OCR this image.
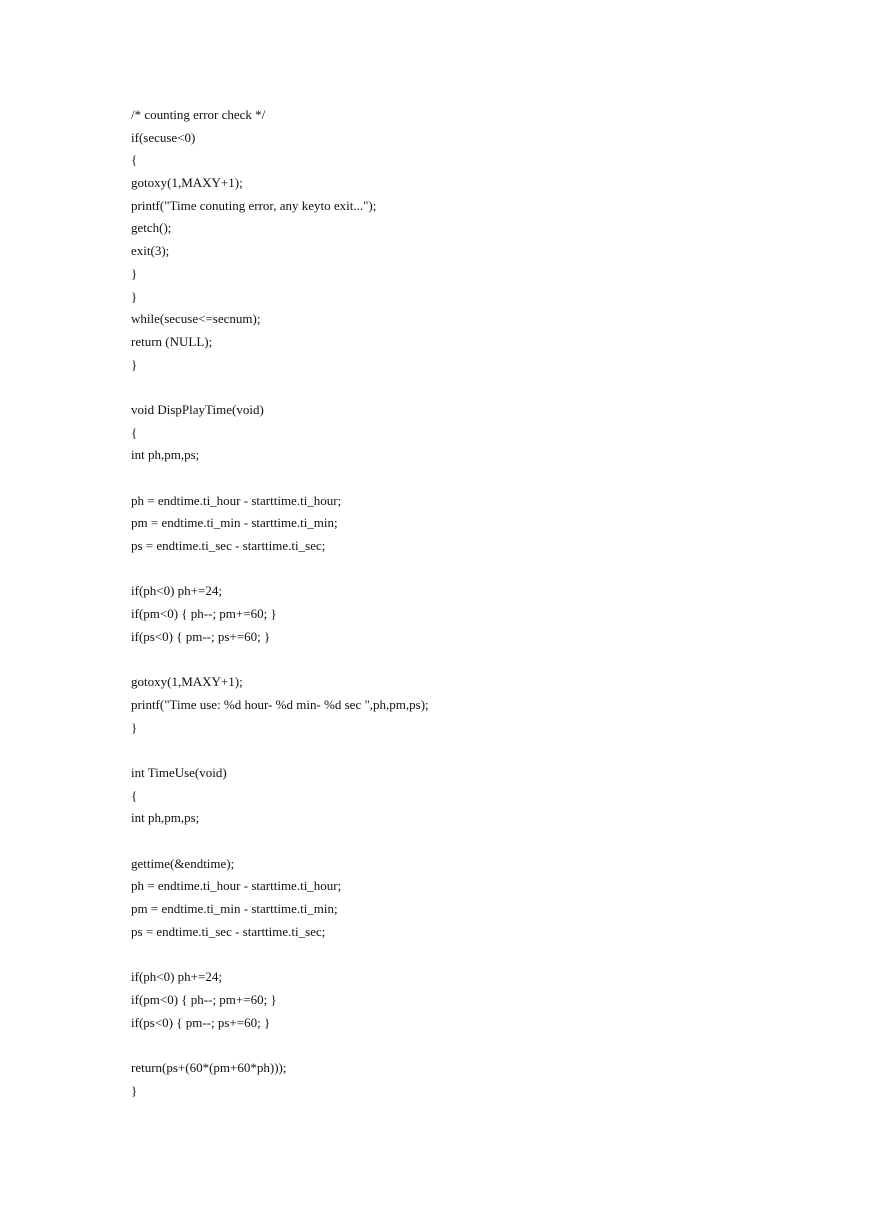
/* counting error check */
if(secuse<0)
{
gotoxy(1,MAXY+1);
printf("Time conuting error, any keyto exit...");
getch();
exit(3);
}
}
while(secuse<=secnum);
return (NULL);
}
void DispPlayTime(void)
{
int ph,pm,ps;
ph = endtime.ti_hour - starttime.ti_hour;
pm = endtime.ti_min - starttime.ti_min;
ps = endtime.ti_sec - starttime.ti_sec;
if(ph<0) ph+=24;
if(pm<0) { ph--; pm+=60; }
if(ps<0) { pm--; ps+=60; }
gotoxy(1,MAXY+1);
printf("Time use: %d hour- %d min- %d sec ",ph,pm,ps);
}
int TimeUse(void)
{
int ph,pm,ps;
gettime(&endtime);
ph = endtime.ti_hour - starttime.ti_hour;
pm = endtime.ti_min - starttime.ti_min;
ps = endtime.ti_sec - starttime.ti_sec;
if(ph<0) ph+=24;
if(pm<0) { ph--; pm+=60; }
if(ps<0) { pm--; ps+=60; }
return(ps+(60*(pm+60*ph)));
}
